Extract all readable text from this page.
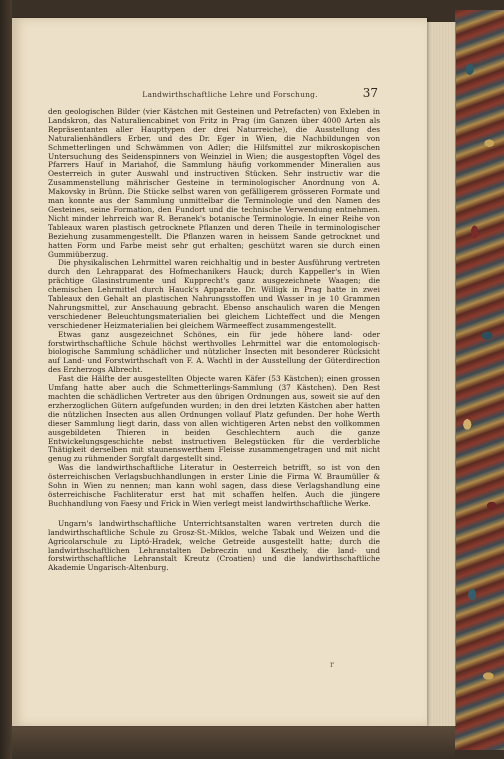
Landwirthschaftliche Lehre und Forschung.	37

den geologischen Bilder (vier Kästchen mit Gesteinen und Petrefacten) von Exleben in Landskron, das Naturaliencabinet von Fritz in Prag (im Ganzen über 4000 Arten als Repräsentanten aller Haupttypen der drei Naturreiche), die Ausstellung des Naturalienhändlers Erber, und des Dr. Eger in Wien, die Nachbildungen von Schmetterlingen und Schwämmen von Adler; die Hilfsmittel zur mikroskopischen Untersuchung des Seidenspinners von Weinziel in Wien; die ausgestopften Vögel des Pfarrers Hauf in Mariahof, die Sammlung häufig vorkommender Mineralien aus Oesterreich in guter Auswahl und instructiven Stücken. Sehr instructiv war die Zusammenstellung mährischer Gesteine in terminologischer Anordnung von A. Makovsky in Brünn. Die Stücke selbst waren von gefälligerem grösseren Formate und man konnte aus der Sammlung unmittelbar die Terminologie und den Namen des Gesteines, seine Formation, den Fundort und die technische Verwendung entnehmen. Nicht minder lehrreich war R. Beranek's botanische Terminologie. In einer Reihe von Tableaux waren plastisch getrocknete Pflanzen und deren Theile in terminologischer Beziehung zusammengestellt. Die Pflanzen waren in heissem Sande getrocknet und hatten Form und Farbe meist sehr gut erhalten; geschützt waren sie durch einen Gummiüberzug.

Die physikalischen Lehrmittel waren reichhaltig und in bester Ausführung vertreten durch den Lehrapparat des Hofmechanikers Hauck; durch Kappeller's in Wien prächtige Glasinstrumente und Kupprecht's ganz ausgezeichnete Waagen; die chemischen Lehrmittel durch Hauck's Apparate. Dr. Willigk in Prag hatte in zwei Tableaux den Gehalt an plastischen Nahrungsstoffen und Wasser in je 10 Grammen Nahrungsmittel, zur Anschauung gebracht. Ebenso anschaulich waren die Mengen verschiedener Beleuchtungsmaterialien bei gleichem Lichteffect und die Mengen verschiedener Heizmaterialien bei gleichem Wärmeeffect zusammengestellt.

Etwas ganz ausgezeichnet Schönes, ein für jede höhere land- oder forstwirthschaftliche Schule höchst werthvolles Lehrmittel war die entomologisch-biologische Sammlung schädlicher und nützlicher Insecten mit besonderer Rücksicht auf Land- und Forstwirthschaft von F. A. Wachtl in der Ausstellung der Güterdirection des Erzherzogs Albrecht.

Fast die Hälfte der ausgestellten Objecte waren Käfer (53 Kästchen); einen grossen Umfang hatte aber auch die Schmetterlings-Sammlung (37 Kästchen). Den Rest machten die schädlichen Vertreter aus den übrigen Ordnungen aus, soweit sie auf den erzherzoglichen Gütern aufgefunden wurden; in den drei letzten Kästchen aber hatten die nützlichen Insecten aus allen Ordnungen vollauf Platz gefunden. Der hohe Werth dieser Sammlung liegt darin, dass von allen wichtigeren Arten nebst den vollkommen ausgebildeten Thieren in beiden Geschlechtern auch die ganze Entwickelungsgeschichte nebst instructiven Belegstücken für die verderbliche Thätigkeit derselben mit staunenswerthem Fleisse zusammengetragen und mit nicht genug zu rühmender Sorgfalt dargestellt sind.

Was die landwirthschaftliche Literatur in Oesterreich betrifft, so ist von den österreichischen Verlagsbuchhandlungen in erster Linie die Firma W. Braumüller & Sohn in Wien zu nennen; man kann wohl sagen, dass diese Verlagshandlung eine österreichische Fachliteratur erst hat mit schaffen helfen. Auch die jüngere Buchhandlung von Faesy und Frick in Wien verlegt meist landwirthschaftliche Werke.

Ungarn's landwirthschaftliche Unterrichtsanstalten waren vertreten durch die landwirthschaftliche Schule zu Grosz-St.-Miklos, welche Tabak und Weizen und die Agricolarschule zu Liptó-Hradek, welche Getreide ausgestellt hatte; durch die landwirthschaftlichen Lehranstalten Debreczin und Keszthely, die land- und forstwirthschaftliche Lehranstalt Kreutz (Croatien) und die landwirthschaftliche Akademie Ungarisch-Altenburg.

r
